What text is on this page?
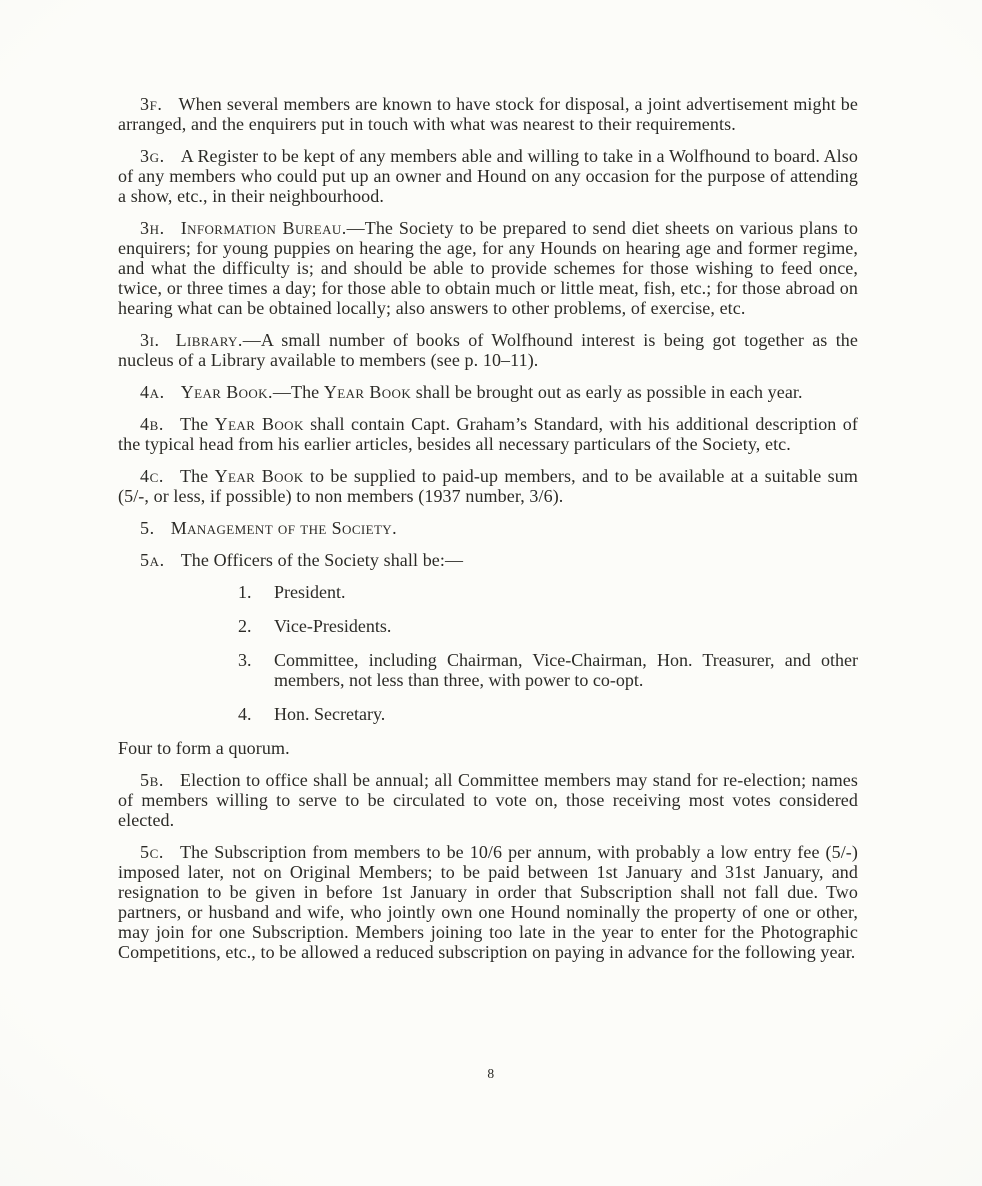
3f. When several members are known to have stock for disposal, a joint advertisement might be arranged, and the enquirers put in touch with what was nearest to their requirements.

3g. A Register to be kept of any members able and willing to take in a Wolfhound to board. Also of any members who could put up an owner and Hound on any occasion for the purpose of attending a show, etc., in their neighbourhood.

3h. Information Bureau.—The Society to be prepared to send diet sheets on various plans to enquirers; for young puppies on hearing the age, for any Hounds on hearing age and former regime, and what the difficulty is; and should be able to provide schemes for those wishing to feed once, twice, or three times a day; for those able to obtain much or little meat, fish, etc.; for those abroad on hearing what can be obtained locally; also answers to other problems, of exercise, etc.

3i. Library.—A small number of books of Wolfhound interest is being got together as the nucleus of a Library available to members (see p. 10–11).

4a. Year Book.—The Year Book shall be brought out as early as possible in each year.

4b. The Year Book shall contain Capt. Graham’s Standard, with his additional description of the typical head from his earlier articles, besides all necessary particulars of the Society, etc.

4c. The Year Book to be supplied to paid-up members, and to be available at a suitable sum (5/-, or less, if possible) to non members (1937 number, 3/6).

5. Management of the Society.

5a. The Officers of the Society shall be:—

1.	President.
2.	Vice-Presidents.
3.	Committee, including Chairman, Vice-Chairman, Hon. Treasurer, and other members, not less than three, with power to co-opt.
4.	Hon. Secretary.

Four to form a quorum.

5b. Election to office shall be annual; all Committee members may stand for re-election; names of members willing to serve to be circulated to vote on, those receiving most votes considered elected.

5c. The Subscription from members to be 10/6 per annum, with probably a low entry fee (5/-) imposed later, not on Original Members; to be paid between 1st January and 31st January, and resignation to be given in before 1st January in order that Subscription shall not fall due. Two partners, or husband and wife, who jointly own one Hound nominally the property of one or other, may join for one Subscription. Members joining too late in the year to enter for the Photographic Competitions, etc., to be allowed a reduced subscription on paying in advance for the following year.

8
